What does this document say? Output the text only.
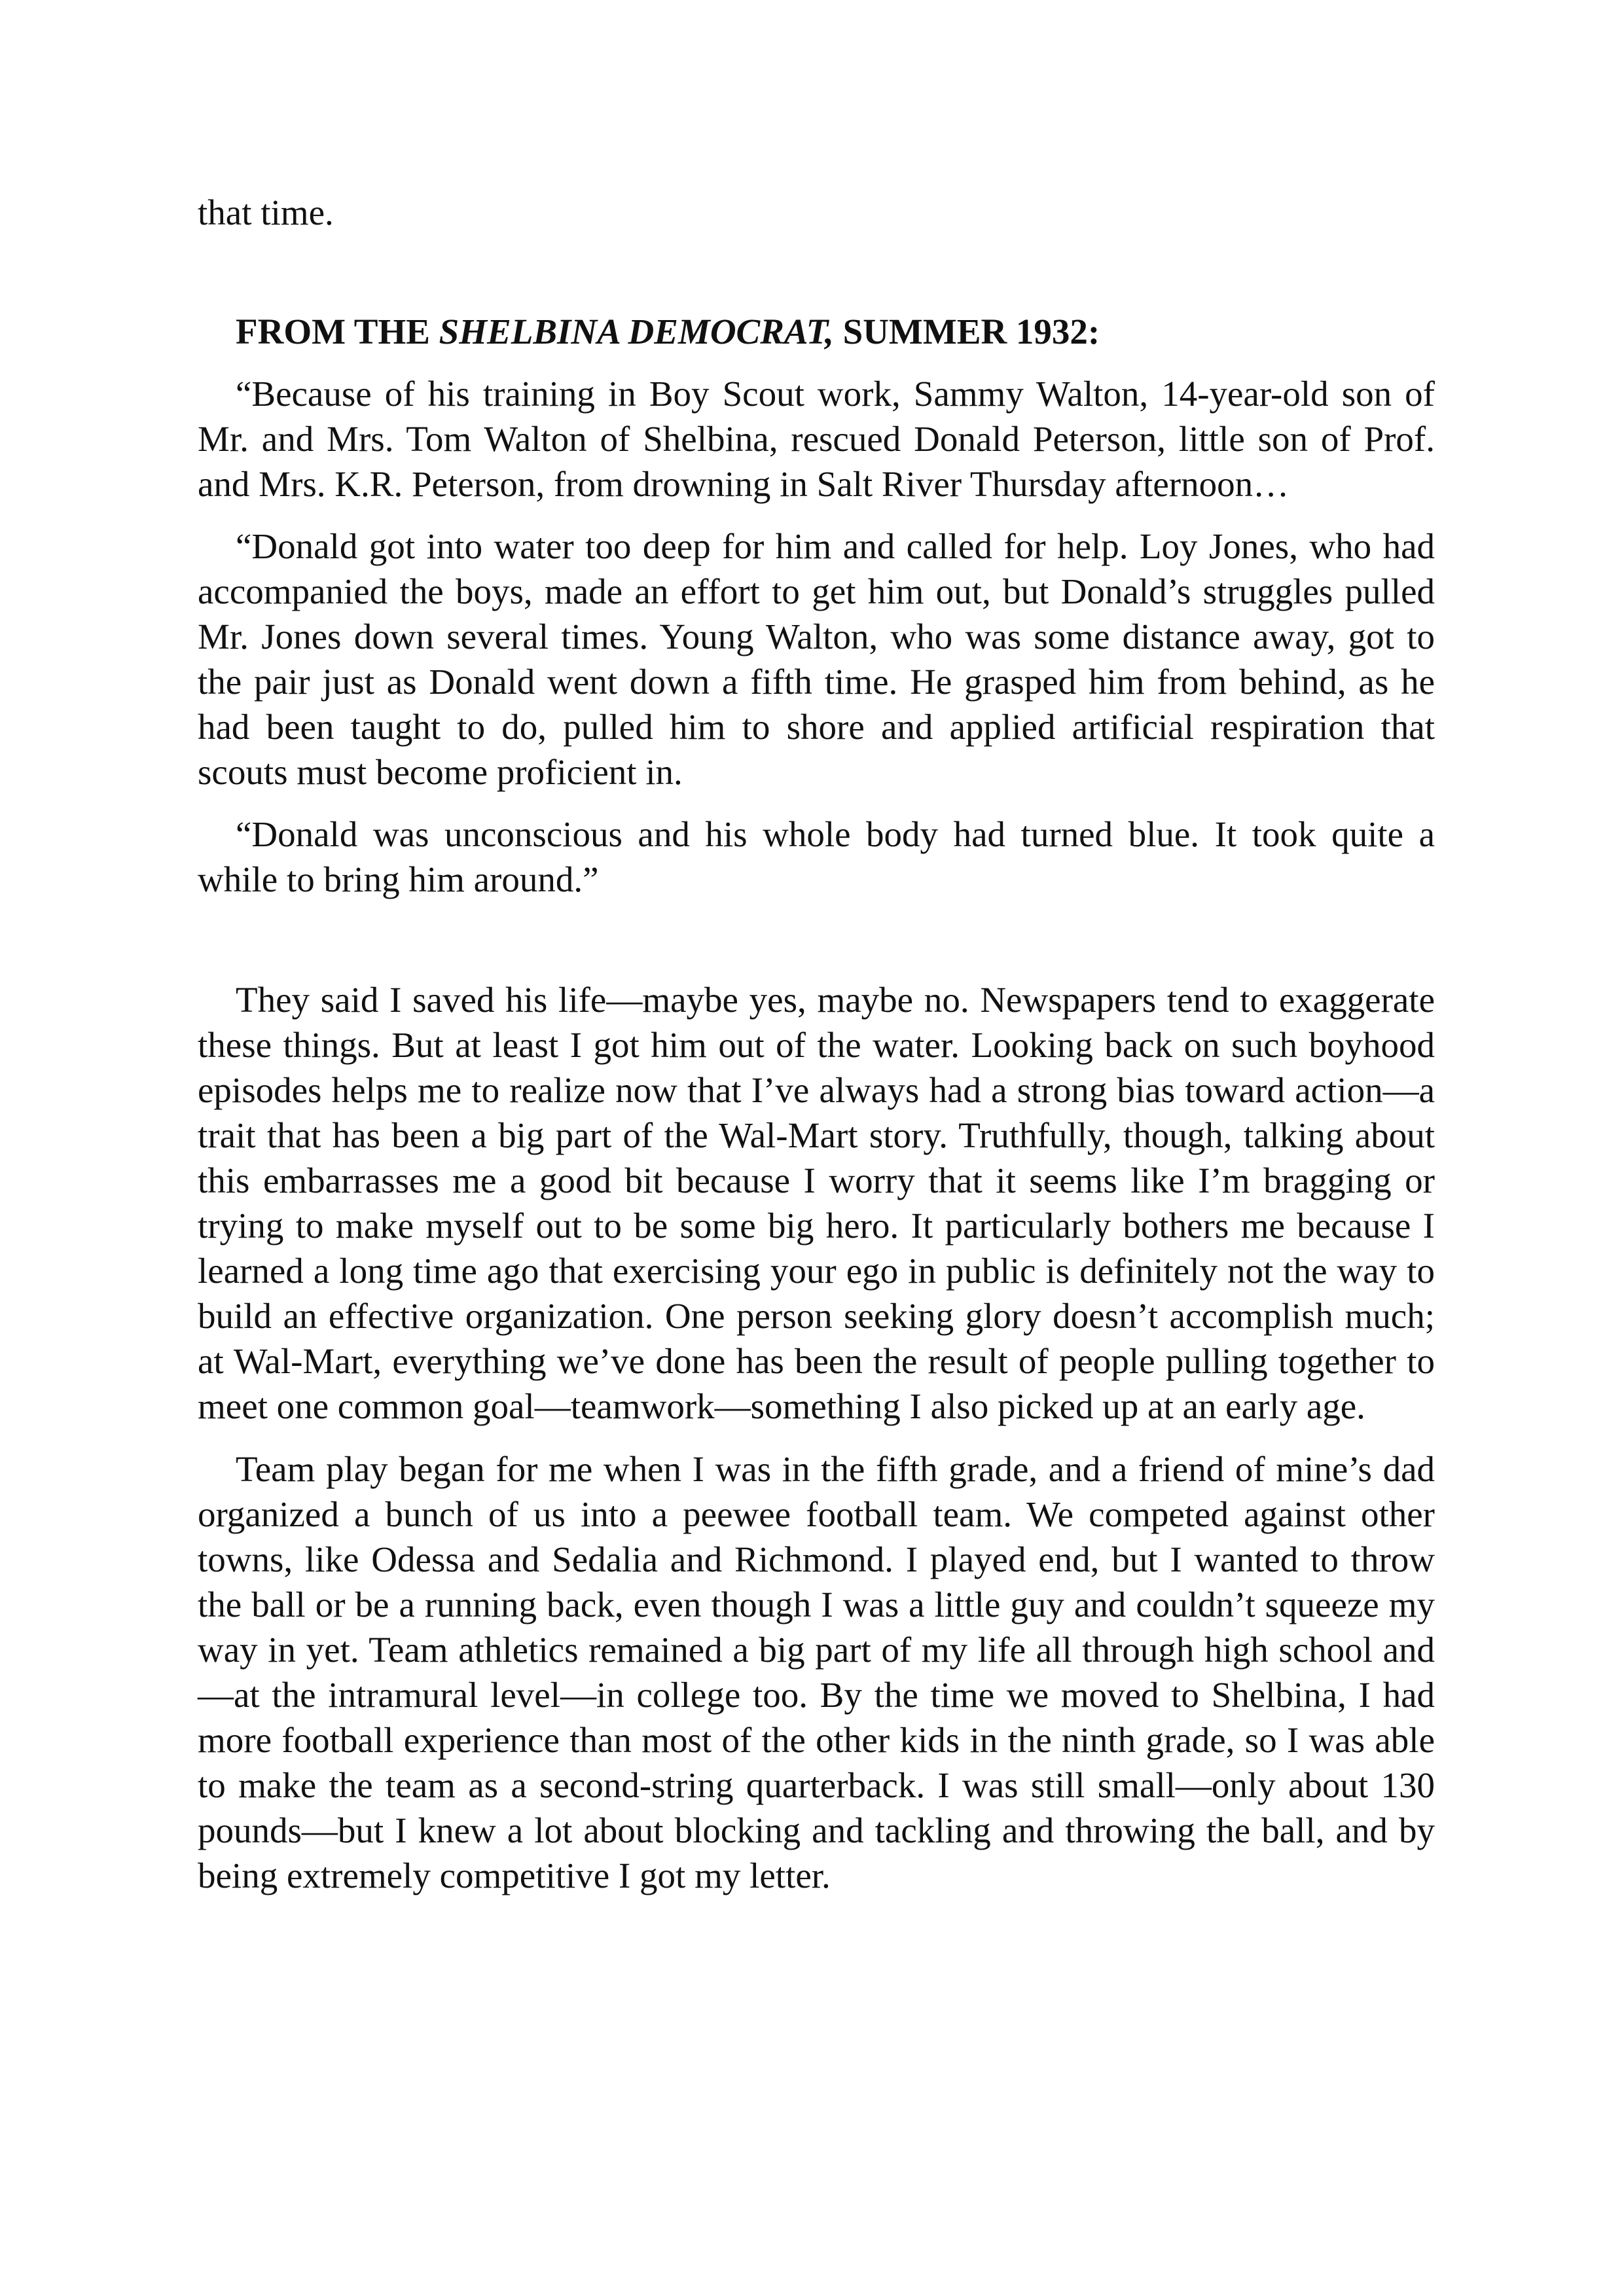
that time.

FROM THE SHELBINA DEMOCRAT, SUMMER 1932:

“Because of his training in Boy Scout work, Sammy Walton, 14-year-old son of Mr. and Mrs. Tom Walton of Shelbina, rescued Donald Peterson, little son of Prof. and Mrs. K.R. Peterson, from drowning in Salt River Thursday afternoon…

“Donald got into water too deep for him and called for help. Loy Jones, who had accompanied the boys, made an effort to get him out, but Donald’s struggles pulled Mr. Jones down several times. Young Walton, who was some distance away, got to the pair just as Donald went down a fifth time. He grasped him from behind, as he had been taught to do, pulled him to shore and applied artificial respiration that scouts must become proficient in.

“Donald was unconscious and his whole body had turned blue. It took quite a while to bring him around.”

They said I saved his life—maybe yes, maybe no. Newspapers tend to exaggerate these things. But at least I got him out of the water. Looking back on such boyhood episodes helps me to realize now that I’ve always had a strong bias toward action—a trait that has been a big part of the Wal-Mart story. Truthfully, though, talking about this embarrasses me a good bit because I worry that it seems like I’m bragging or trying to make myself out to be some big hero. It particularly bothers me because I learned a long time ago that exercising your ego in public is definitely not the way to build an effective organization. One person seeking glory doesn’t accomplish much; at Wal-Mart, everything we’ve done has been the result of people pulling together to meet one common goal—teamwork—something I also picked up at an early age.

Team play began for me when I was in the fifth grade, and a friend of mine’s dad organized a bunch of us into a peewee football team. We competed against other towns, like Odessa and Sedalia and Richmond. I played end, but I wanted to throw the ball or be a running back, even though I was a little guy and couldn’t squeeze my way in yet. Team athletics remained a big part of my life all through high school and —at the intramural level—in college too. By the time we moved to Shelbina, I had more football experience than most of the other kids in the ninth grade, so I was able to make the team as a second-string quarterback. I was still small—only about 130 pounds—but I knew a lot about blocking and tackling and throwing the ball, and by being extremely competitive I got my letter.
